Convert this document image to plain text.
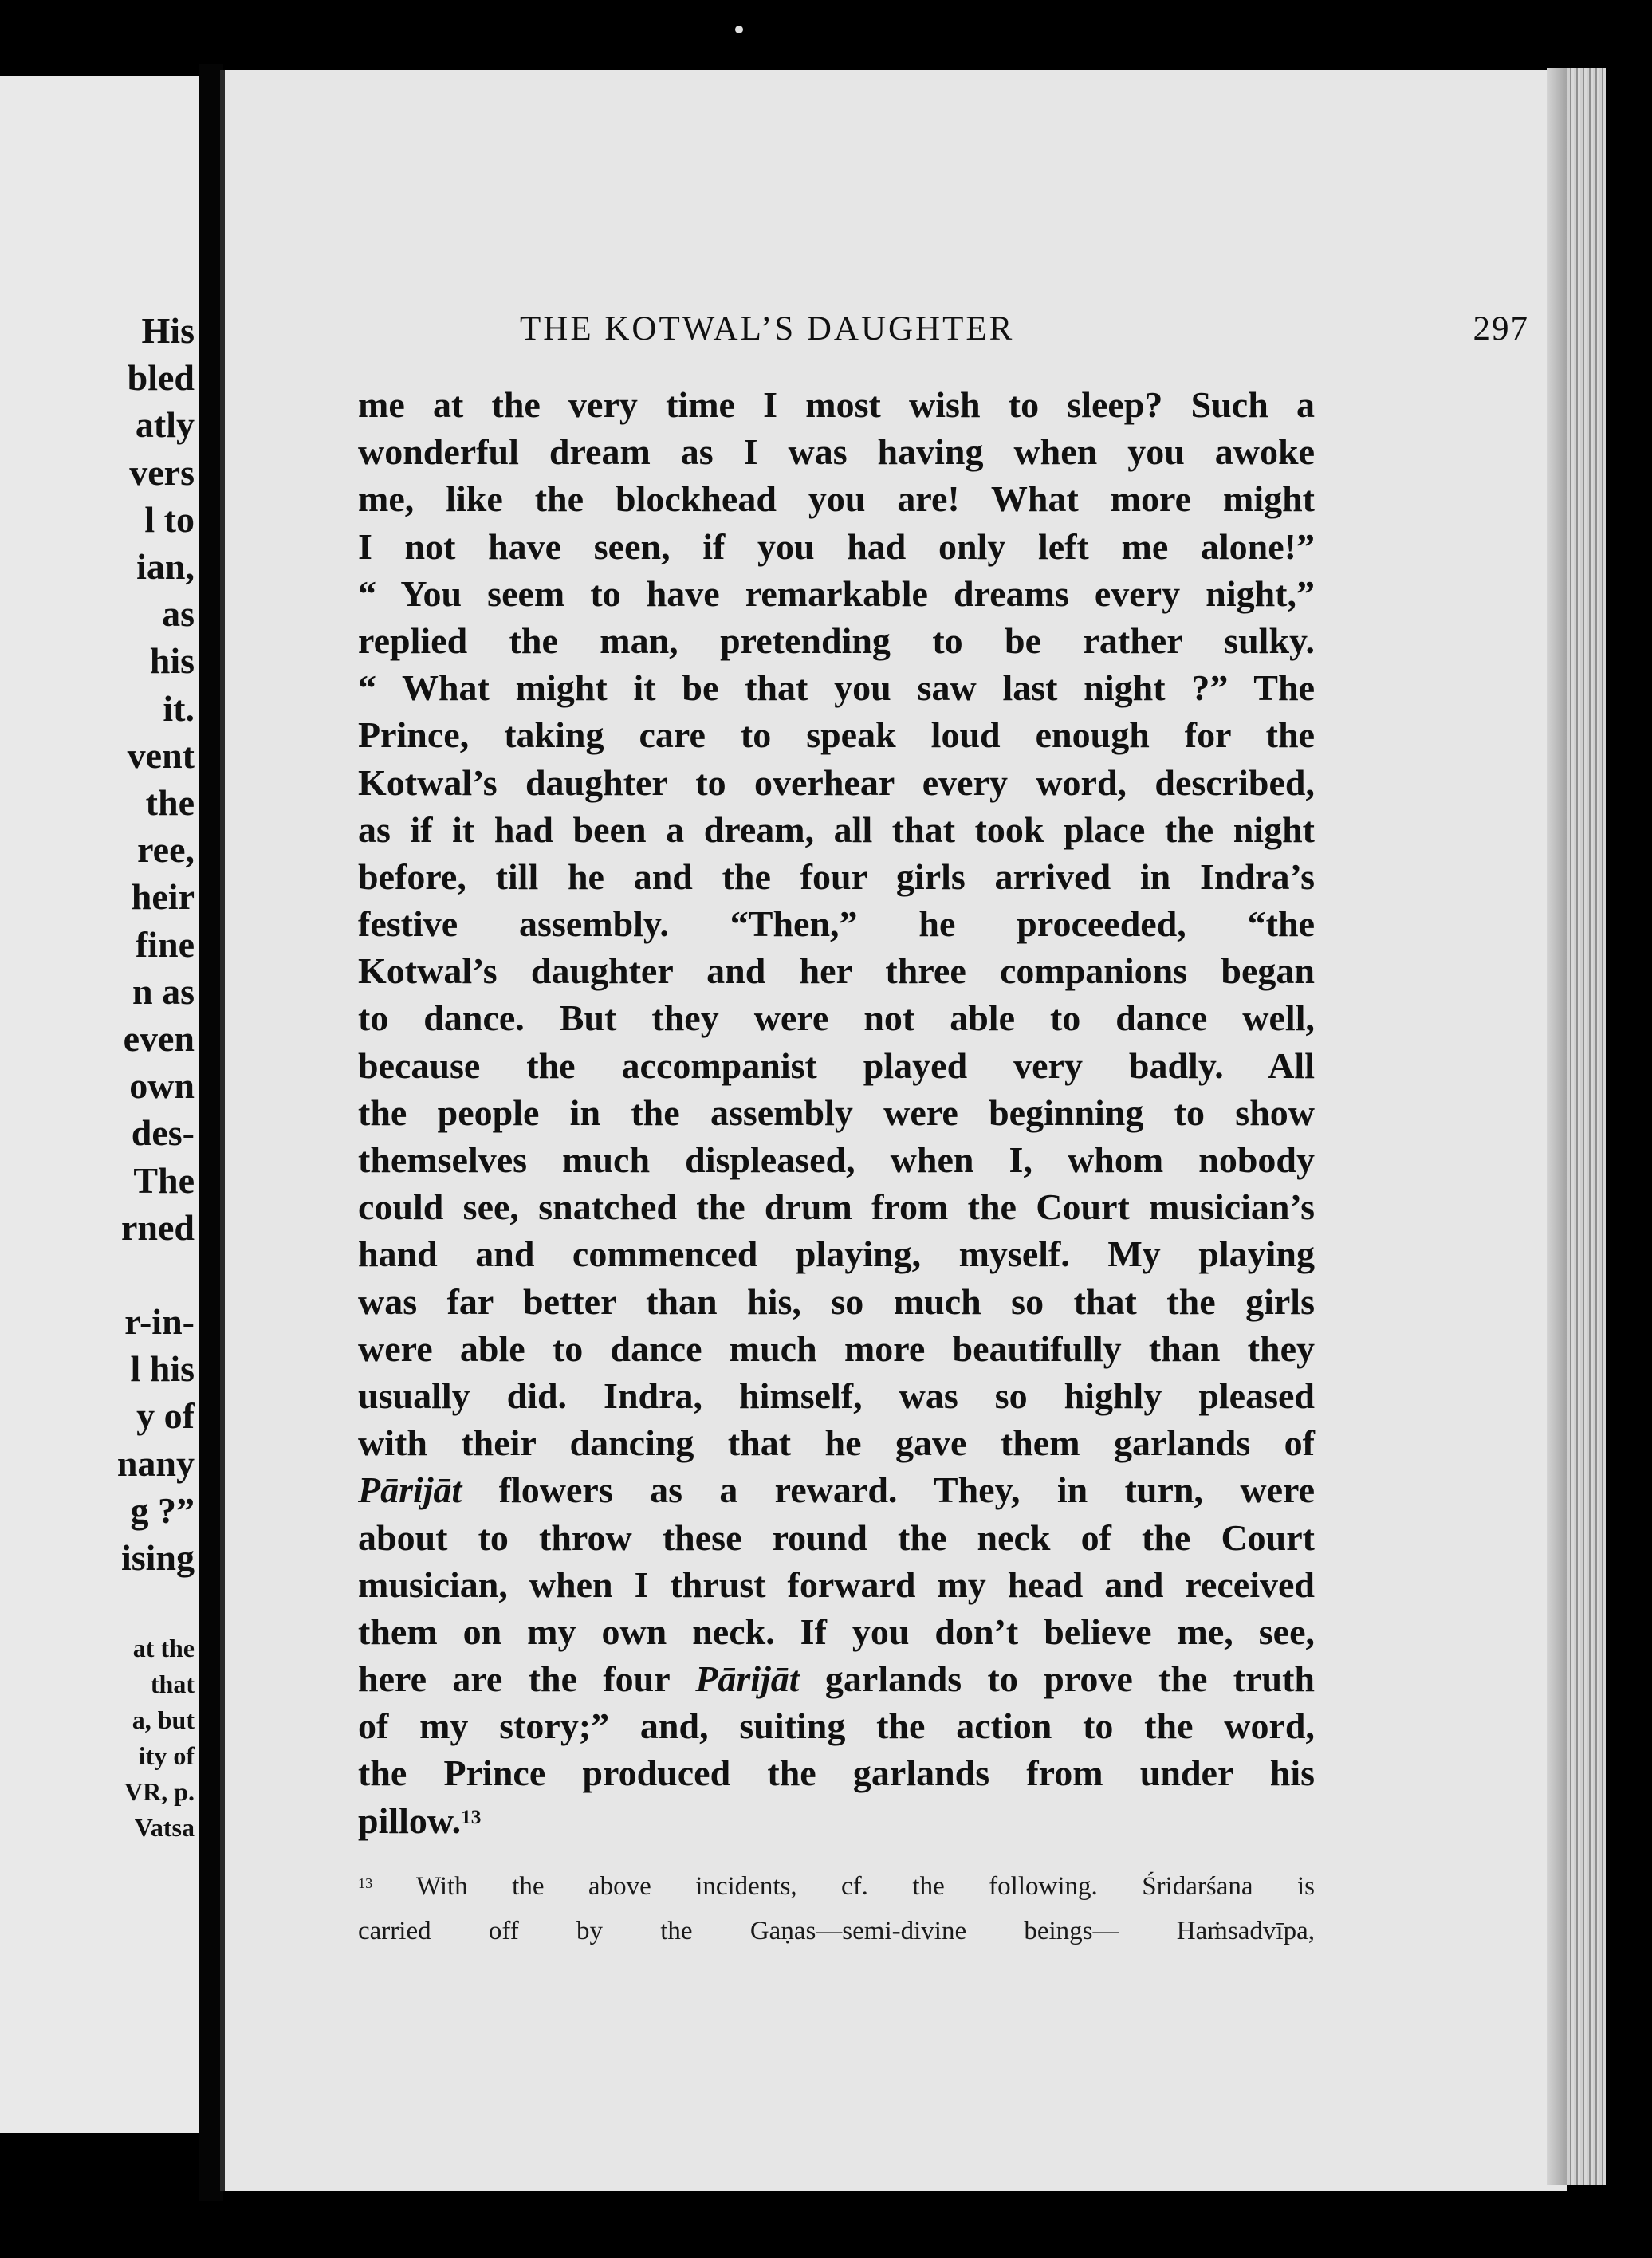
His
bled
atly
vers
l to
ian,
as
his
it.
vent
the
ree,
heir
fine
n as
even
own
des-
The
rned
r-in-
l his
y of
nany
g ?”
ising
at the
that
a, but
ity of
VR, p.
Vatsa
THE KOTWAL’S DAUGHTER	297
me at the very time I most wish to sleep? Such a
wonderful dream as I was having when you awoke
me, like the blockhead you are! What more might
I not have seen, if you had only left me alone!”
“ You seem to have remarkable dreams every night,”
replied the man, pretending to be rather sulky.
“ What might it be that you saw last night ?” The
Prince, taking care to speak loud enough for the
Kotwal’s daughter to overhear every word, described,
as if it had been a dream, all that took place the night
before, till he and the four girls arrived in Indra’s
festive assembly. “Then,” he proceeded, “the
Kotwal’s daughter and her three companions began
to dance. But they were not able to dance well,
because the accompanist played very badly. All
the people in the assembly were beginning to show
themselves much displeased, when I, whom nobody
could see, snatched the drum from the Court musician’s
hand and commenced playing, myself. My playing
was far better than his, so much so that the girls
were able to dance much more beautifully than they
usually did. Indra, himself, was so highly pleased
with their dancing that he gave them garlands of
Pārijāt flowers as a reward. They, in turn, were
about to throw these round the neck of the Court
musician, when I thrust forward my head and received
them on my own neck. If you don’t believe me, see,
here are the four Pārijāt garlands to prove the truth
of my story;” and, suiting the action to the word,
the Prince produced the garlands from under his
pillow.$^{13}$
$^{13}$ With the above incidents, cf. the following. Śridаrśana is
carried off by the Gaṇas—semi-divine beings— Haṁsadvīpa,
